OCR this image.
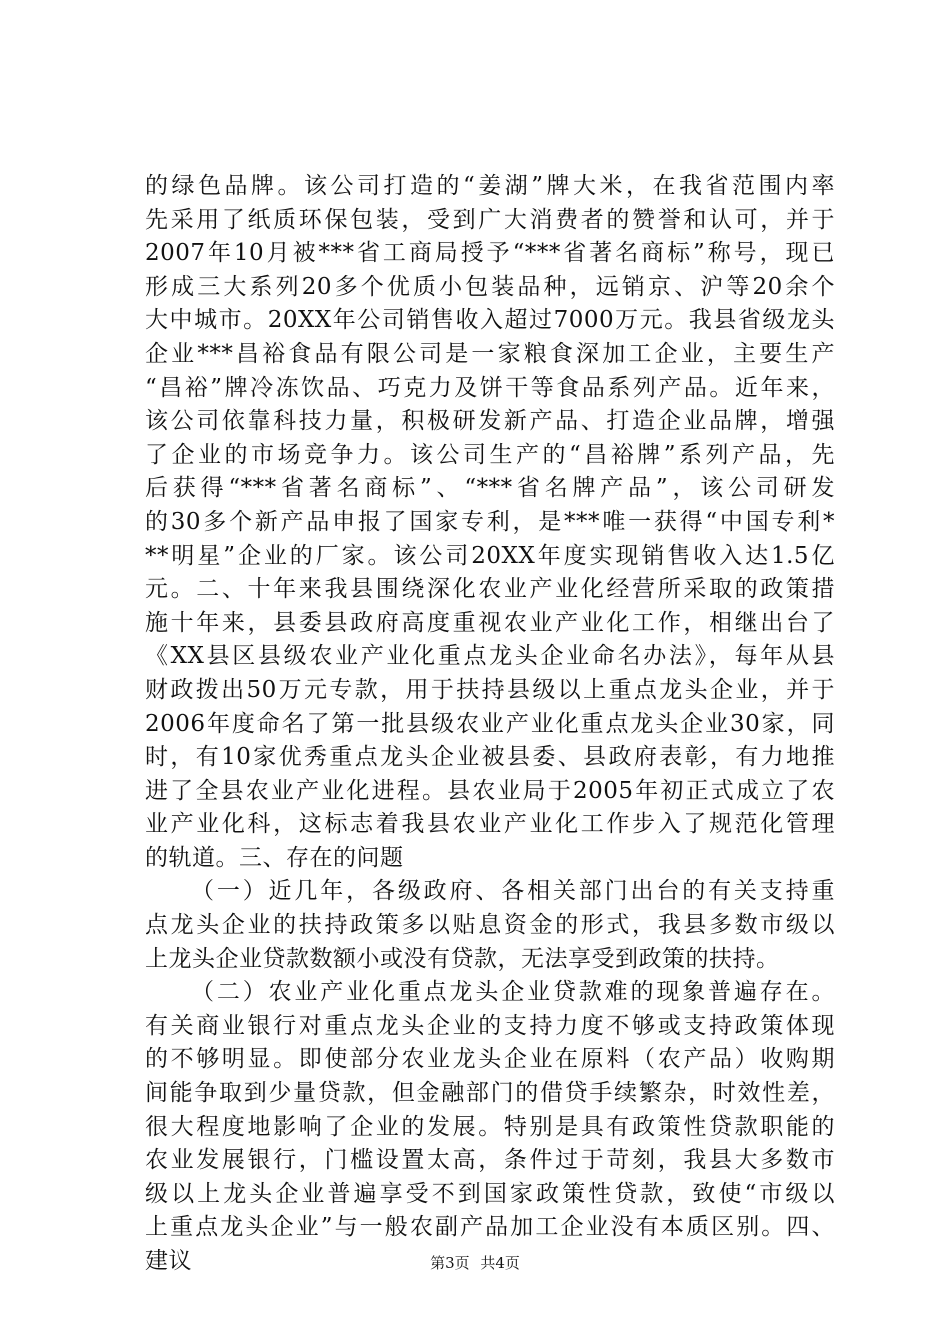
的绿色品牌。该公司打造的“姜湖”牌大米，在我省范围内率
先采用了纸质环保包装，受到广大消费者的赞誉和认可，并于
2007年10月被***省工商局授予“***省著名商标”称号，现已
形成三大系列20多个优质小包装品种，远销京、沪等20余个
大中城市。20XX年公司销售收入超过7000万元。我县省级龙头
企业***昌裕食品有限公司是一家粮食深加工企业，主要生产
“昌裕”牌冷冻饮品、巧克力及饼干等食品系列产品。近年来，
该公司依靠科技力量，积极研发新产品、打造企业品牌，增强
了企业的市场竞争力。该公司生产的“昌裕牌”系列产品，先
后获得“***省著名商标”、“***省名牌产品”，该公司研发
的30多个新产品申报了国家专利，是***唯一获得“中国专利*
**明星”企业的厂家。该公司20XX年度实现销售收入达1.5亿
元。二、十年来我县围绕深化农业产业化经营所采取的政策措
施十年来，县委县政府高度重视农业产业化工作，相继出台了
《XX县区县级农业产业化重点龙头企业命名办法》，每年从县
财政拨出50万元专款，用于扶持县级以上重点龙头企业，并于
2006年度命名了第一批县级农业产业化重点龙头企业30家，同
时，有10家优秀重点龙头企业被县委、县政府表彰，有力地推
进了全县农业产业化进程。县农业局于2005年初正式成立了农
业产业化科，这标志着我县农业产业化工作步入了规范化管理
的轨道。三、存在的问题
（一）近几年，各级政府、各相关部门出台的有关支持重
点龙头企业的扶持政策多以贴息资金的形式，我县多数市级以
上龙头企业贷款数额小或没有贷款，无法享受到政策的扶持。
（二）农业产业化重点龙头企业贷款难的现象普遍存在。
有关商业银行对重点龙头企业的支持力度不够或支持政策体现
的不够明显。即使部分农业龙头企业在原料（农产品）收购期
间能争取到少量贷款，但金融部门的借贷手续繁杂，时效性差，
很大程度地影响了企业的发展。特别是具有政策性贷款职能的
农业发展银行，门槛设置太高，条件过于苛刻，我县大多数市
级以上龙头企业普遍享受不到国家政策性贷款，致使“市级以
上重点龙头企业”与一般农副产品加工企业没有本质区别。四、
建议	第3页 共4页
